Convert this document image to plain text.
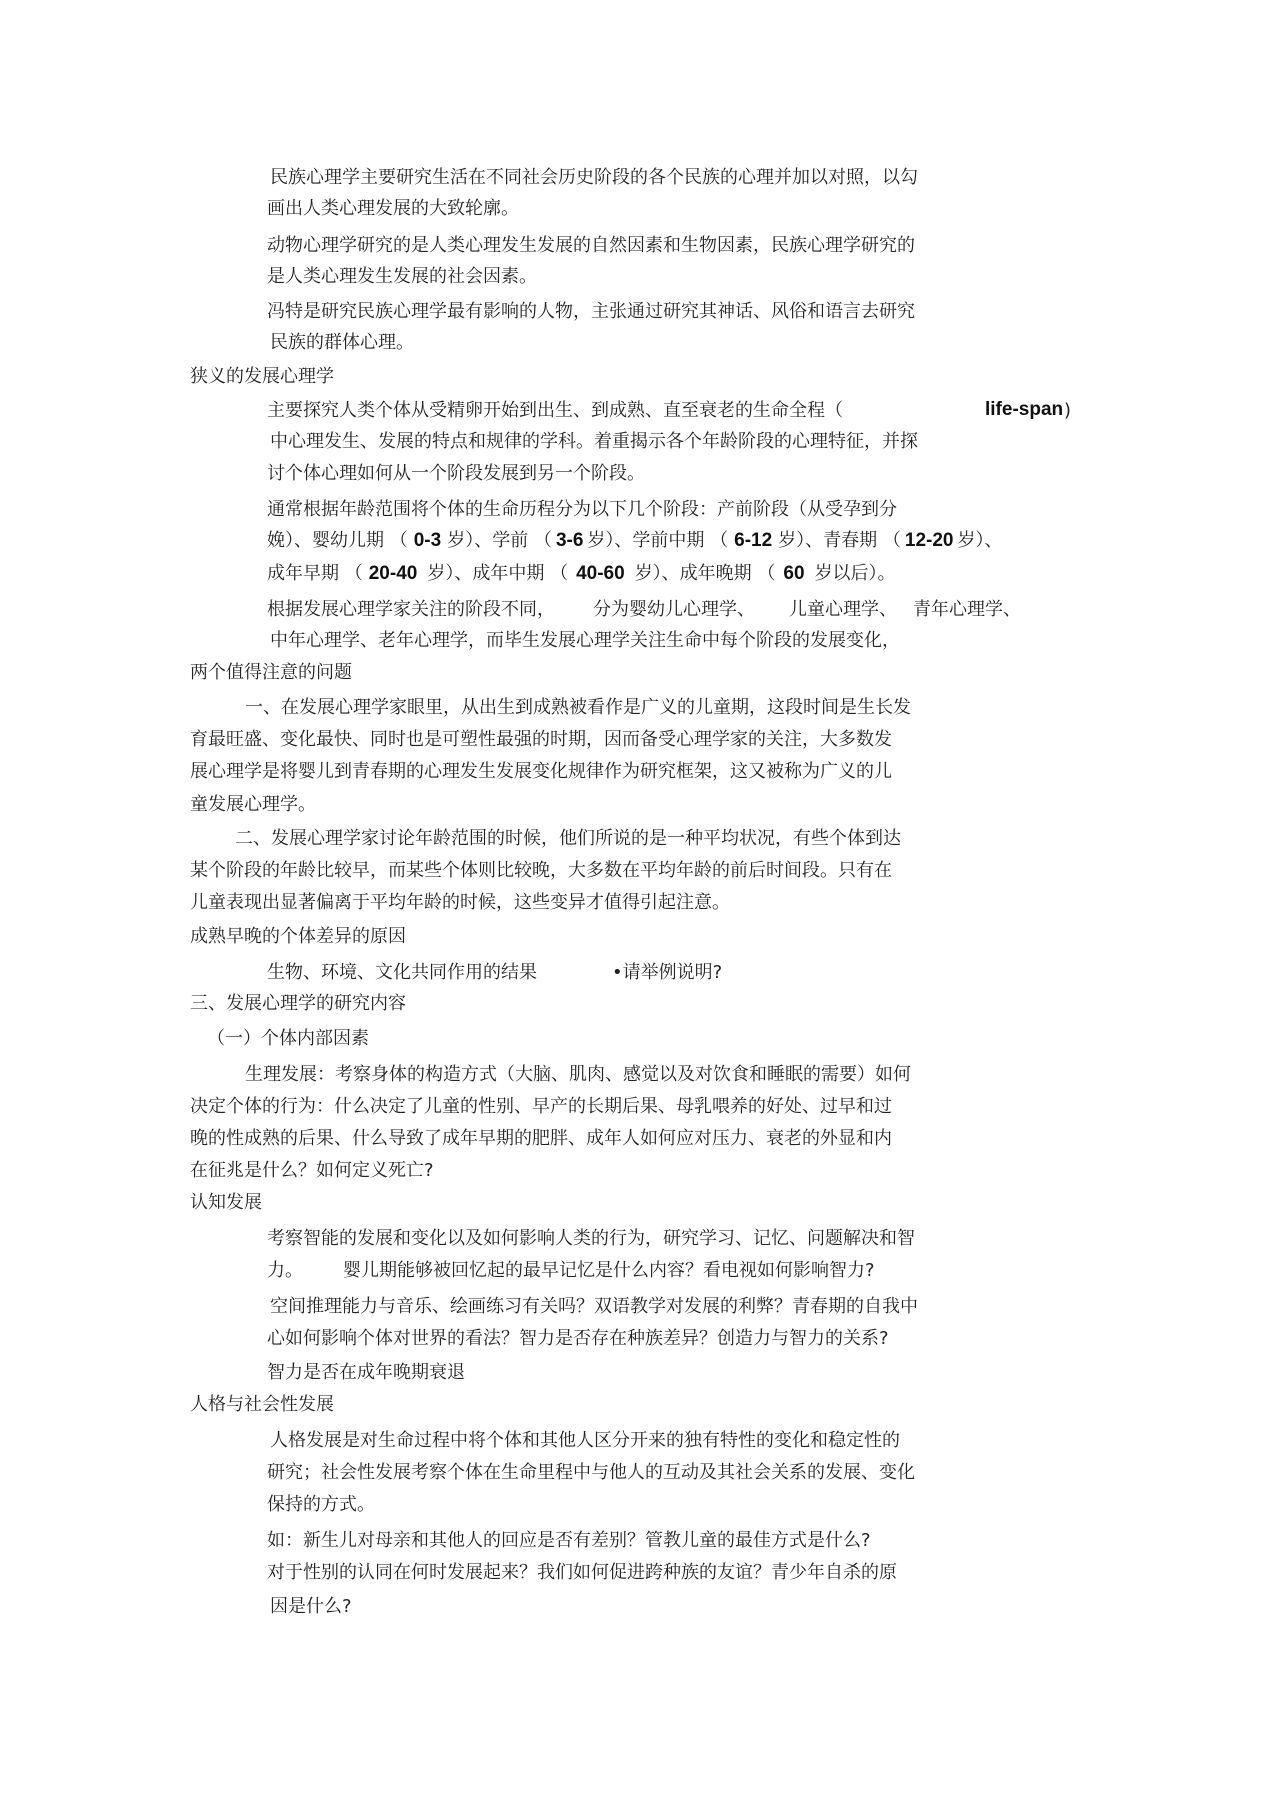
民族心理学主要研究生活在不同社会历史阶段的各个民族的心理并加以对照，以勾
画出人类心理发展的大致轮廓。
动物心理学研究的是人类心理发生发展的自然因素和生物因素，民族心理学研究的
是人类心理发生发展的社会因素。
冯特是研究民族心理学最有影响的人物，主张通过研究其神话、风俗和语言去研究
民族的群体心理。
狭义的发展心理学
主要探究人类个体从受精卵开始到出生、到成熟、直至衰老的生命全程（	life-span )
中心理发生、发展的特点和规律的学科。着重揭示各个年龄阶段的心理特征，并探
讨个体心理如何从一个阶段发展到另一个阶段。
通常根据年龄范围将个体的生命历程分为以下几个阶段：产前阶段（从受孕到分
娩）、婴幼儿期 （ 0-3 岁）、学前 （ 3-6 岁）、学前中期 （ 6-12 岁）、青春期 （ 12-20 岁）、
成年早期 （ 20-40 岁）、成年中期 （ 40-60 岁）、成年晚期 （ 60 岁以后）。
根据发展心理学家关注的阶段不同， 分为婴幼儿心理学、 儿童心理学、 青年心理学、
中年心理学、老年心理学，而毕生发展心理学关注生命中每个阶段的发展变化，
两个值得注意的问题
一、在发展心理学家眼里，从出生到成熟被看作是广义的儿童期，这段时间是生长发
育最旺盛、变化最快、同时也是可塑性最强的时期，因而备受心理学家的关注，大多数发
展心理学是将婴儿到青春期的心理发生发展变化规律作为研究框架，这又被称为广义的儿
童发展心理学。
二、发展心理学家讨论年龄范围的时候，他们所说的是一种平均状况，有些个体到达
某个阶段的年龄比较早，而某些个体则比较晚，大多数在平均年龄的前后时间段。只有在
儿童表现出显著偏离于平均年龄的时候，这些变异才值得引起注意。
成熟早晚的个体差异的原因
生物、环境、文化共同作用的结果	•请举例说明?
三、发展心理学的研究内容
（一）个体内部因素
生理发展：考察身体的构造方式（大脑、肌肉、感觉以及对饮食和睡眠的需要）如何
决定个体的行为：什么决定了儿童的性别、早产的长期后果、母乳喂养的好处、过早和过
晚的性成熟的后果、什么导致了成年早期的肥胖、成年人如何应对压力、衰老的外显和内
在征兆是什么？如何定义死亡?
认知发展
考察智能的发展和变化以及如何影响人类的行为，研究学习、记忆、问题解决和智
力。 婴儿期能够被回忆起的最早记忆是什么内容？看电视如何影响智力?
空间推理能力与音乐、绘画练习有关吗？双语教学对发展的利弊？青春期的自我中
心如何影响个体对世界的看法？智力是否存在种族差异？创造力与智力的关系?
智力是否在成年晚期衰退
人格与社会性发展
人格发展是对生命过程中将个体和其他人区分开来的独有特性的变化和稳定性的
研究；社会性发展考察个体在生命里程中与他人的互动及其社会关系的发展、变化
保持的方式。
如：新生儿对母亲和其他人的回应是否有差别？管教儿童的最佳方式是什么?
对于性别的认同在何时发展起来？我们如何促进跨种族的友谊？青少年自杀的原
因是什么?
